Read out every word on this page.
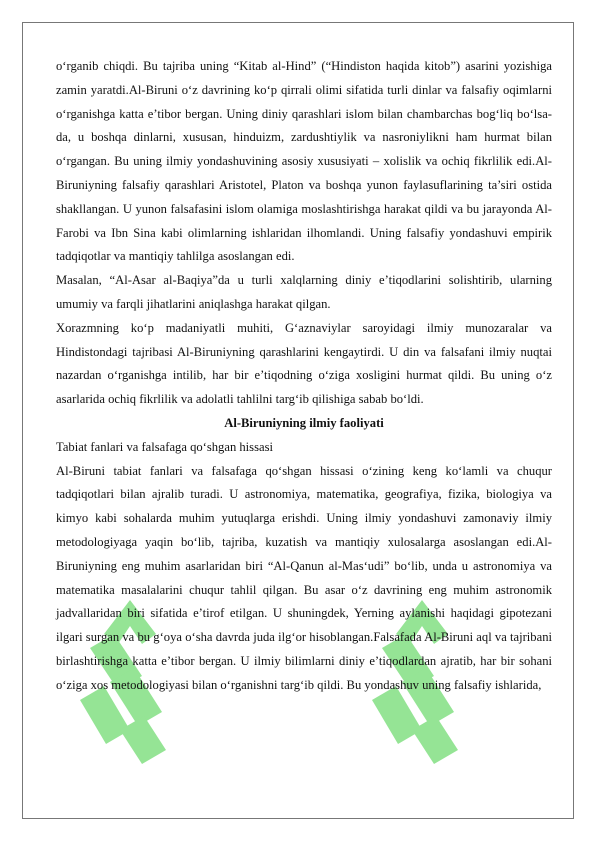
o‘rganib chiqdi. Bu tajriba uning “Kitab al-Hind” (“Hindiston haqida kitob”) asarini yozishiga zamin yaratdi.Al-Biruni o‘z davrining ko‘p qirrali olimi sifatida turli dinlar va falsafiy oqimlarni o‘rganishga katta e’tibor bergan. Uning diniy qarashlari islom bilan chambarchas bog‘liq bo‘lsa-da, u boshqa dinlarni, xususan, hinduizm, zardushtiylik va nasroniylikni ham hurmat bilan o‘rgangan. Bu uning ilmiy yondashuvining asosiy xususiyati – xolislik va ochiq fikrlilik edi.Al-Biruniyning falsafiy qarashlari Aristotel, Platon va boshqa yunon faylasuflarining ta’siri ostida shakllangan. U yunon falsafasini islom olamiga moslashtirishga harakat qildi va bu jarayonda Al-Farobi va Ibn Sina kabi olimlarning ishlaridan ilhomlandi. Uning falsafiy yondashuvi empirik tadqiqotlar va mantiqiy tahlilga asoslangan edi.

Masalan, “Al-Asar al-Baqiya”da u turli xalqlarning diniy e’tiqodlarini solishtirib, ularning umumiy va farqli jihatlarini aniqlashga harakat qilgan.

Xorazmning ko‘p madaniyatli muhiti, G‘aznaviylar saroyidagi ilmiy munozaralar va Hindistondagi tajribasi Al-Biruniyning qarashlarini kengaytirdi. U din va falsafani ilmiy nuqtai nazardan o‘rganishga intilib, har bir e’tiqodning o‘ziga xosligini hurmat qildi. Bu uning o‘z asarlarida ochiq fikrlilik va adolatli tahlilni targ‘ib qilishiga sabab bo‘ldi.

Al-Biruniyning ilmiy faoliyati

Tabiat fanlari va falsafaga qo‘shgan hissasi

Al-Biruni tabiat fanlari va falsafaga qo‘shgan hissasi o‘zining keng ko‘lamli va chuqur tadqiqotlari bilan ajralib turadi. U astronomiya, matematika, geografiya, fizika, biologiya va kimyo kabi sohalarda muhim yutuqlarga erishdi. Uning ilmiy yondashuvi zamonaviy ilmiy metodologiyaga yaqin bo‘lib, tajriba, kuzatish va mantiqiy xulosalarga asoslangan edi.Al-Biruniyning eng muhim asarlaridan biri “Al-Qanun al-Mas‘udi” bo‘lib, unda u astronomiya va matematika masalalarini chuqur tahlil qilgan. Bu asar o‘z davrining eng muhim astronomik jadvallaridan biri sifatida e’tirof etilgan. U shuningdek, Yerning aylanishi haqidagi gipotezani ilgari surgan va bu g‘oya o‘sha davrda juda ilg‘or hisoblangan.Falsafada Al-Biruni aql va tajribani birlashtirishga katta e’tibor bergan. U ilmiy bilimlarni diniy e’tiqodlardan ajratib, har bir sohani o‘ziga xos metodologiyasi bilan o‘rganishni targ‘ib qildi. Bu yondashuv uning falsafiy ishlarida,
